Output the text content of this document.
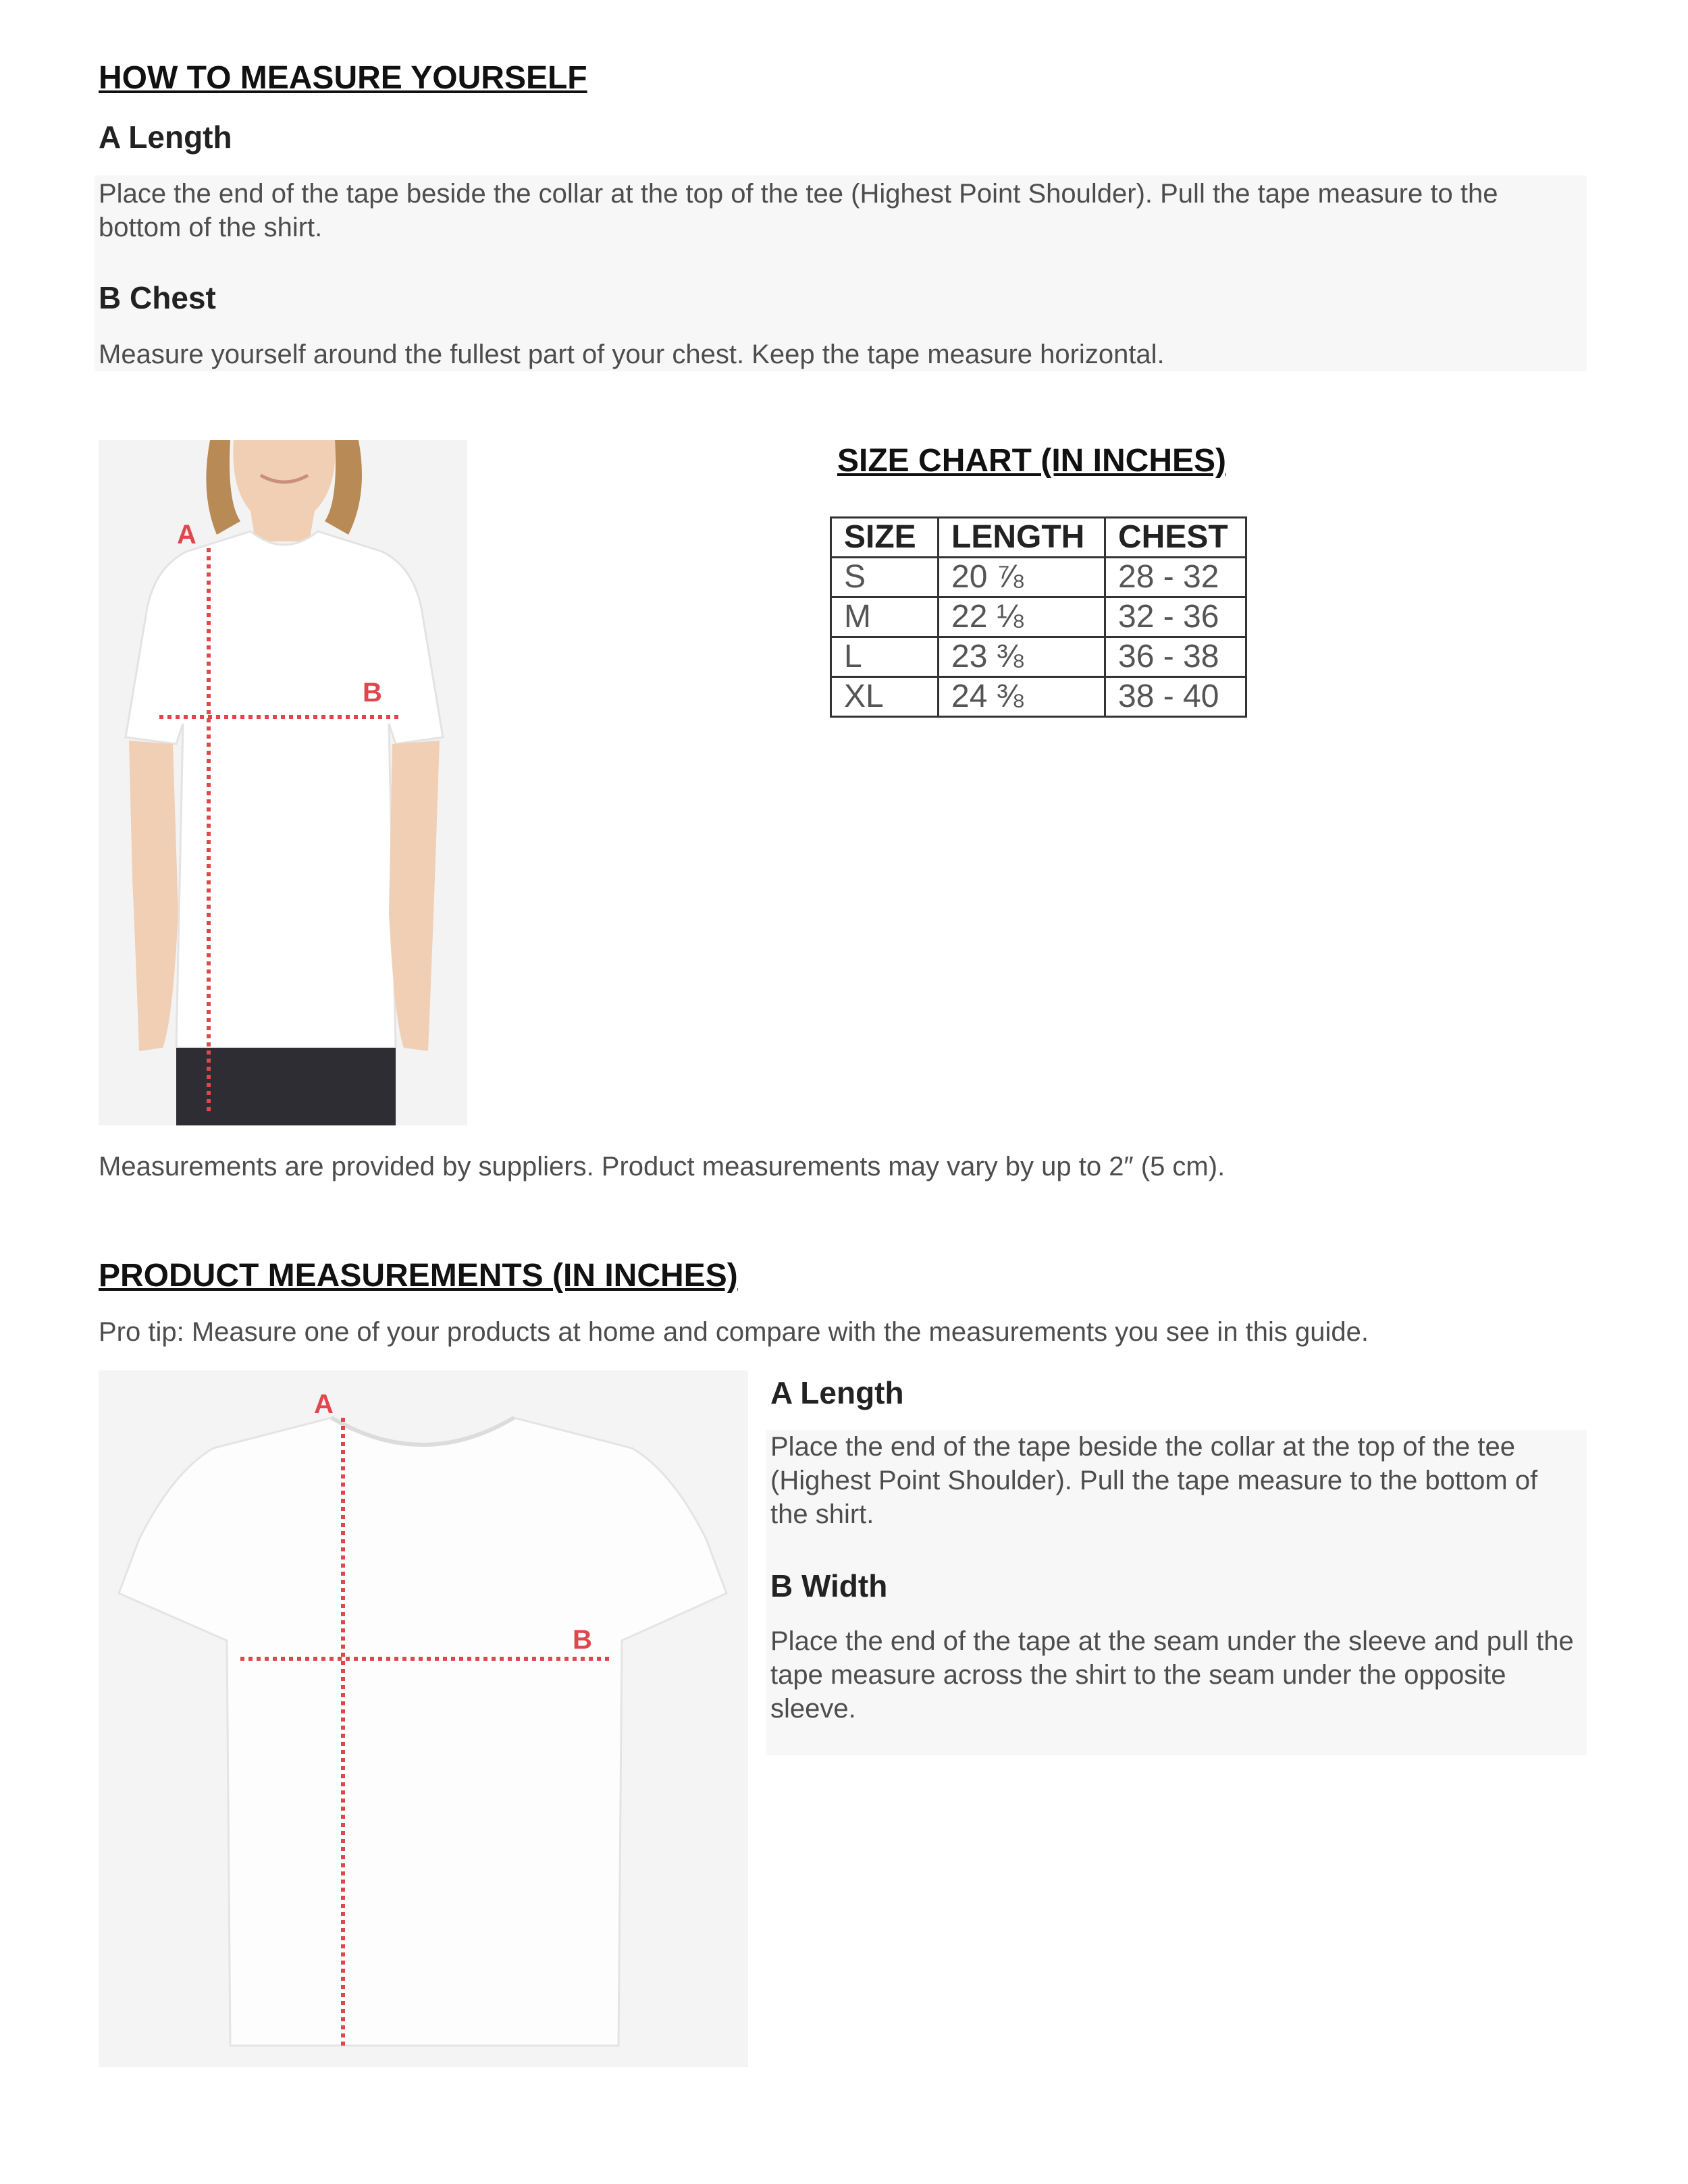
HOW TO MEASURE YOURSELF
A Length
Place the end of the tape beside the collar at the top of the tee (Highest Point Shoulder). Pull the tape measure to the bottom of the shirt.
B Chest
Measure yourself around the fullest part of your chest. Keep the tape measure horizontal.
A
B
SIZE CHART (IN INCHES)
SIZE	LENGTH	CHEST
S	20 ⅞	28 - 32
M	22 ⅛	32 - 36
L	23 ⅜	36 - 38
XL	24 ⅜	38 - 40
Measurements are provided by suppliers. Product measurements may vary by up to 2″ (5 cm).
PRODUCT MEASUREMENTS (IN INCHES)
Pro tip: Measure one of your products at home and compare with the measurements you see in this guide.
A
B
A Length
Place the end of the tape beside the collar at the top of the tee (Highest Point Shoulder). Pull the tape measure to the bottom of the shirt.
B Width
Place the end of the tape at the seam under the sleeve and pull the tape measure across the shirt to the seam under the opposite sleeve.
